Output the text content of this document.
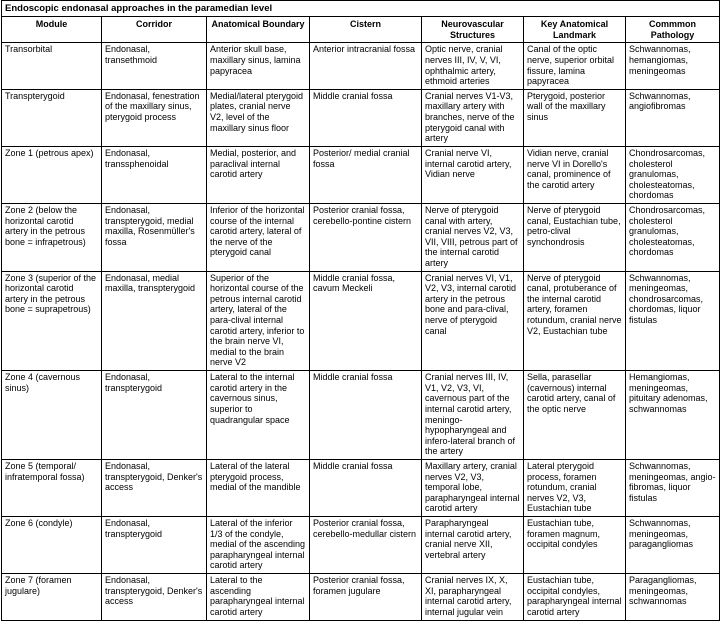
Endoscopic endonasal approaches in the paramedian level						
Module	Corridor	Anatomical Boundary	Cistern	Neurovascular Structures	Key Anatomical Landmark	Commmon Pathology
Transorbital	Endonasal, transethmoid	Anterior skull base, maxillary sinus, lamina papyracea	Anterior intracranial fossa	Optic nerve, cranial nerves III, IV, V, VI, ophthalmic artery, ethmoid arteries	Canal of the optic nerve, superior orbital fissure, lamina papyracea	Schwannomas, hemangiomas, meningeomas
Transpterygoid	Endonasal, fenestration of the maxillary sinus, pterygoid process	Medial/lateral pterygoid plates, cranial nerve V2, level of the maxillary sinus floor	Middle cranial fossa	Cranial nerves V1-V3, maxillary artery with branches, nerve of the pterygoid canal with artery	Pterygoid, posterior wall of the maxillary sinus	Schwannomas, angiofibromas
Zone 1 (petrous apex)	Endonasal, transsphenoidal	Medial, posterior, and paraclival internal carotid artery	Posterior/ medial cranial fossa	Cranial nerve VI, internal carotid artery, Vidian nerve	Vidian nerve, cranial nerve VI in Dorello's canal, prominence of the carotid artery	Chondrosarcomas, cholesterol granulomas, cholesteatomas, chordomas
Zone 2 (below the horizontal carotid artery in the petrous bone = infrapetrous)	Endonasal, transpterygoid, medial maxilla, Rosenmüller's fossa	Inferior of the horizontal course of the internal carotid artery, lateral of the nerve of the pterygoid canal	Posterior cranial fossa, cerebello-pontine cistern	Nerve of pterygoid canal with artery, cranial nerves V2, V3, VII, VIII, petrous part of the internal carotid artery	Nerve of pterygoid canal, Eustachian tube, petro-clival synchondrosis	Chondrosarcomas, cholesterol granulomas, cholesteatomas, chordomas
Zone 3 (superior of the horizontal carotid artery in the petrous bone = suprapetrous)	Endonasal, medial maxilla, transpterygoid	Superior of the horizontal course of the petrous internal carotid artery, lateral of the para-clival internal carotid artery, inferior to the brain nerve VI, medial to the brain nerve V2	Middle cranial fossa, cavum Meckeli	Cranial nerves VI, V1, V2, V3, internal carotid artery in the petrous bone and para-clival, nerve of pterygoid canal	Nerve of pterygoid canal, protuberance of the internal carotid artery, foramen rotundum, cranial nerve V2, Eustachian tube	Schwannomas, meningeomas, chondrosarcomas, chordomas, liquor fistulas
Zone 4 (cavernous sinus)	Endonasal, transpterygoid	Lateral to the internal carotid artery in the cavernous sinus, superior to quadrangular space	Middle cranial fossa	Cranial nerves III, IV, V1, V2, V3, VI, cavernous part of the internal carotid artery, meningo-hypopharyngeal and infero-lateral branch of the artery	Sella, parasellar (cavernous) internal carotid artery, canal of the optic nerve	Hemangiomas, meningeomas, pituitary adenomas, schwannomas
Zone 5 (temporal/ infratemporal fossa)	Endonasal, transpterygoid, Denker's access	Lateral of the lateral pterygoid process, medial of the mandible	Middle cranial fossa	Maxillary artery, cranial nerves V2, V3, temporal lobe, parapharyngeal internal carotid artery	Lateral pterygoid process, foramen rotundum, cranial nerves V2, V3, Eustachian tube	Schwannomas, meningeomas, angio-fibromas, liquor fistulas
Zone 6 (condyle)	Endonasal, transpterygoid	Lateral of the inferior 1/3 of the condyle, medial of the ascending parapharyngeal internal carotid artery	Posterior cranial fossa, cerebello-medullar cistern	Parapharyngeal internal carotid artery, cranial nerve XII, vertebral artery	Eustachian tube, foramen magnum, occipital condyles	Schwannomas, meningeomas, paragangliomas
Zone 7 (foramen jugulare)	Endonasal, transpterygoid, Denker's access	Lateral to the ascending parapharyngeal internal carotid artery	Posterior cranial fossa, foramen jugulare	Cranial nerves IX, X, XI, parapharyngeal internal carotid artery, internal jugular vein	Eustachian tube, occipital condyles, parapharyngeal internal carotid artery	Paragangliomas, meningeomas, schwannomas
